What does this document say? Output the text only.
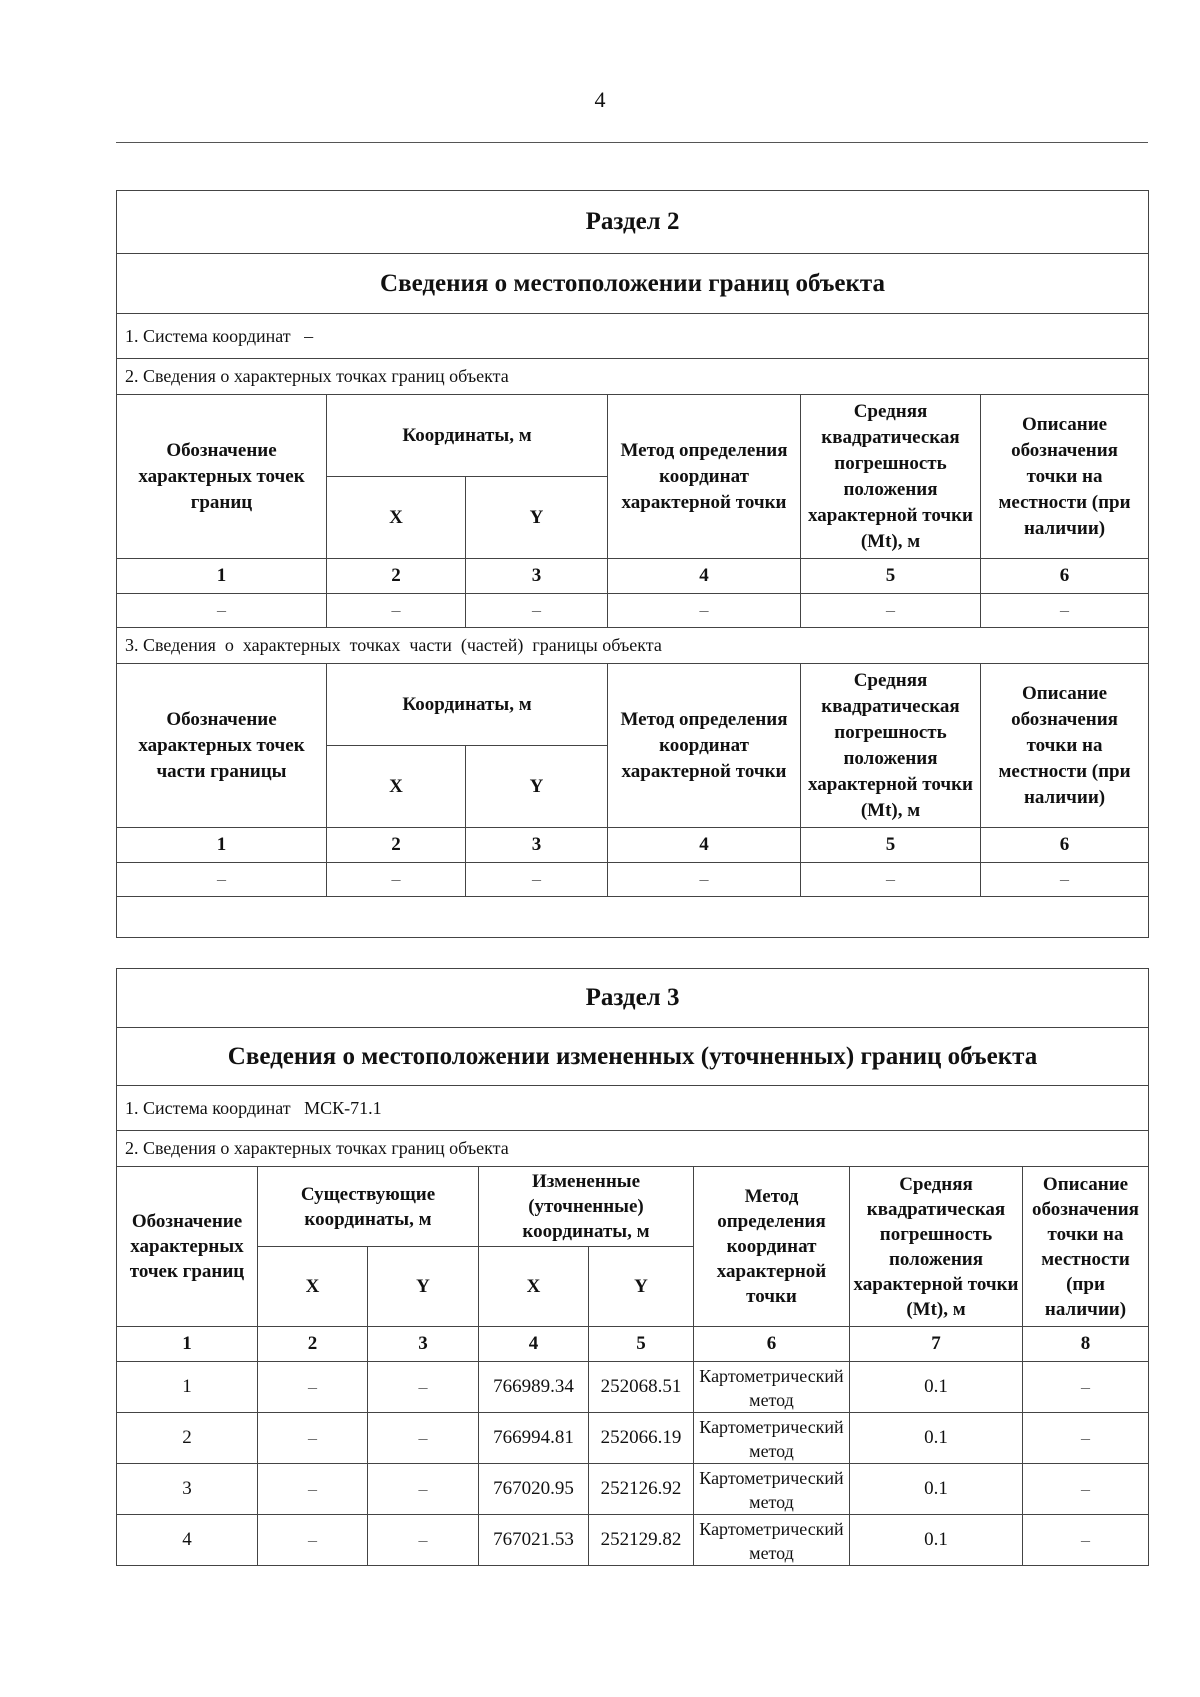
4
Раздел 2					
Сведения о местоположении границ объекта					
1. Система координат –					
2. Сведения о характерных точках границ объекта					
Обозначение характерных точек границ	Координаты, м		Метод определения координат характерной точки	Средняя квадратическая погрешность положения характерной точки (Mt), м	Описание обозначения точки на местности (при наличии)
	X	Y			
1	2	3	4	5	6
–	–	–	–	–	–
3. Сведения  о  характерных  точках  части  (частей)  границы объекта					
Обозначение характерных точек части границы	Координаты, м		Метод определения координат характерной точки	Средняя квадратическая погрешность положения характерной точки (Mt), м	Описание обозначения точки на местности (при наличии)
	X	Y			
1	2	3	4	5	6
–	–	–	–	–	–

Раздел 3							
Сведения о местоположении измененных (уточненных) границ объекта							
1. Система координат МСК-71.1							
2. Сведения о характерных точках границ объекта							
Обозначение характерных точек границ	Существующие координаты, м		Измененные (уточненные) координаты, м		Метод определения координат характерной точки	Средняя квадратическая погрешность положения характерной точки (Mt), м	Описание обозначения точки на местности (при наличии)
	X	Y	X	Y			
1	2	3	4	5	6	7	8
1	–	–	766989.34	252068.51	Картометрический метод	0.1	–
2	–	–	766994.81	252066.19	Картометрический метод	0.1	–
3	–	–	767020.95	252126.92	Картометрический метод	0.1	–
4	–	–	767021.53	252129.82	Картометрический метод	0.1	–
